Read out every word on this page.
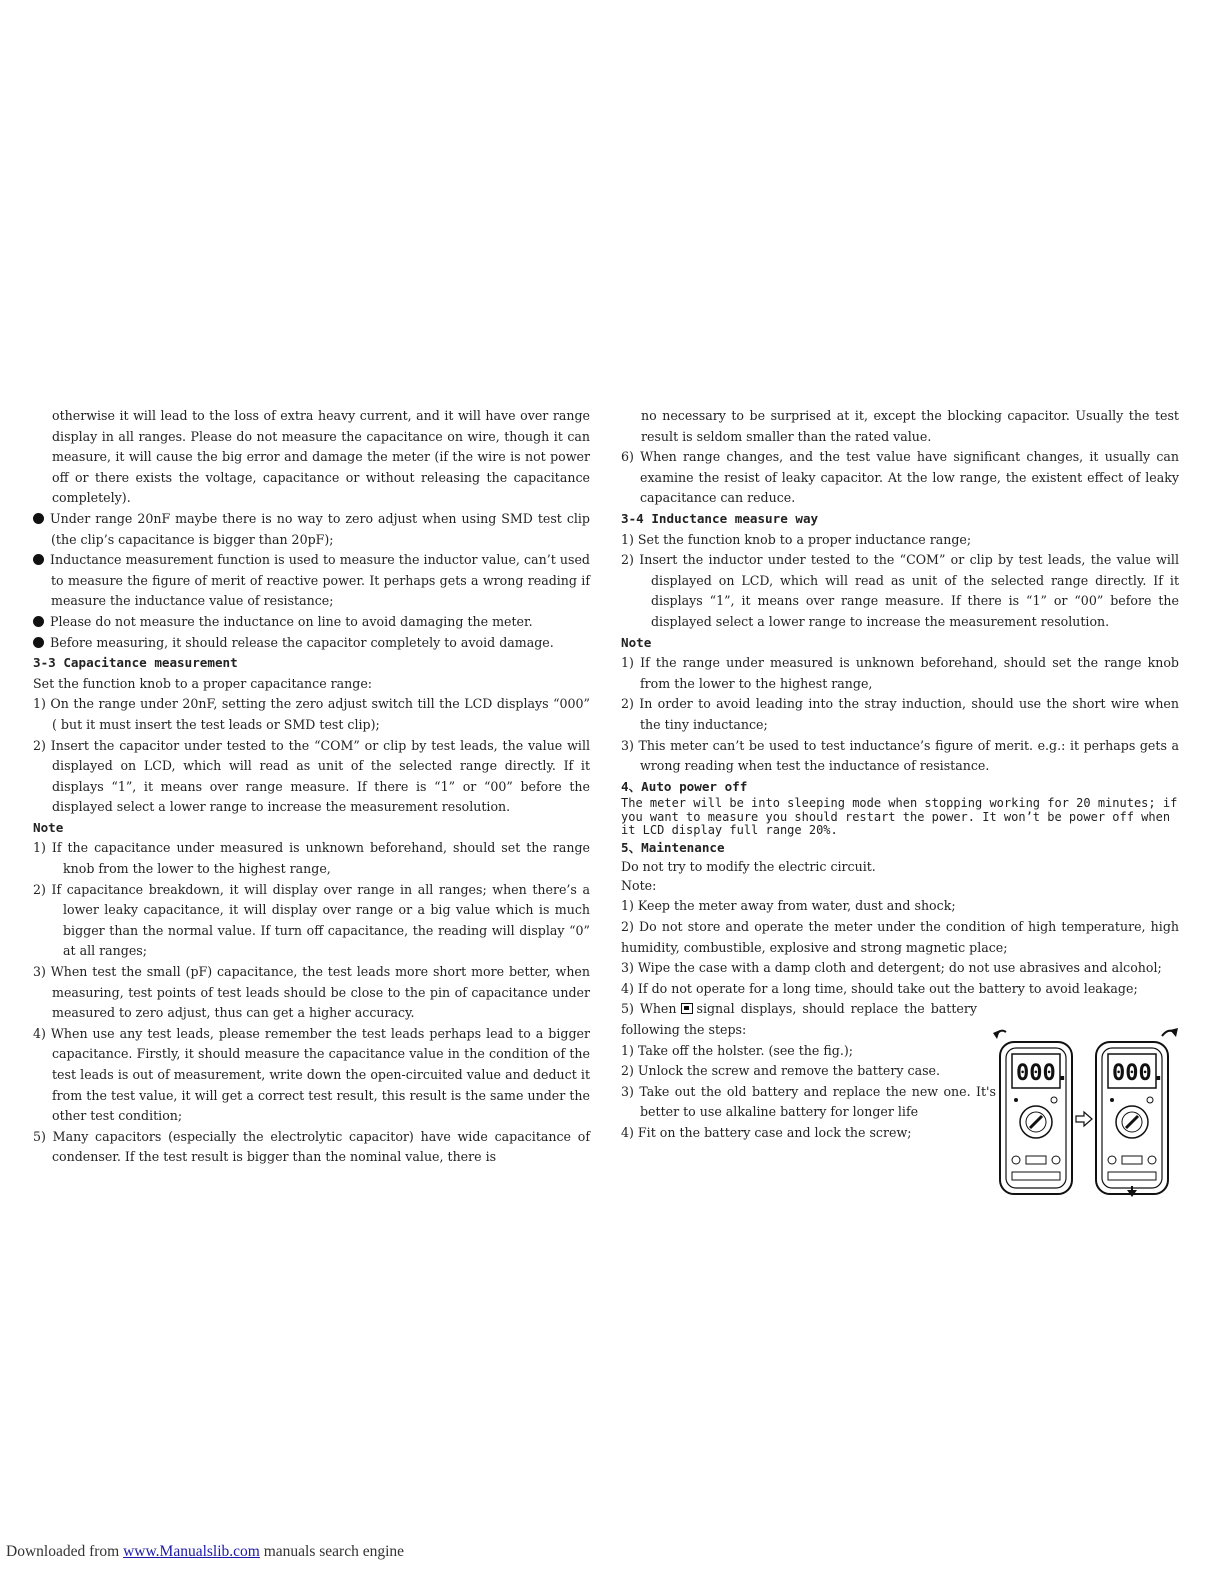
otherwise it will lead to the loss of extra heavy current, and it will have over range display in all ranges. Please do not measure the capacitance on wire, though it can measure, it will cause the big error and damage the meter (if the wire is not power off or there exists the voltage, capacitance or without releasing the capacitance completely).

Under range 20nF maybe there is no way to zero adjust when using SMD test clip (the clip’s capacitance is bigger than 20pF);

Inductance measurement function is used to measure the inductor value, can’t used to measure the figure of merit of reactive power. It perhaps gets a wrong reading if measure the inductance value of resistance;

Please do not measure the inductance on line to avoid damaging the meter.

Before measuring, it should release the capacitor completely to avoid damage.

3-3 Capacitance measurement

Set the function knob to a proper capacitance range:

1) On the range under 20nF, setting the zero adjust switch till the LCD displays “000” ( but it must insert the test leads or SMD test clip);

2) Insert the capacitor under tested to the “COM” or clip by test leads, the value will displayed on LCD, which will read as unit of the selected range directly. If it displays “1”, it means over range measure. If there is “1” or “00” before the displayed select a lower range to increase the measurement resolution.

Note

1) If the capacitance under measured is unknown beforehand, should set the range knob from the lower to the highest range,

2) If capacitance breakdown, it will display over range in all ranges; when there’s a lower leaky capacitance, it will display over range or a big value which is much bigger than the normal value. If turn off capacitance, the reading will display “0” at all ranges;

3) When test the small (pF) capacitance, the test leads more short more better, when measuring, test points of test leads should be close to the pin of capacitance under measured to zero adjust, thus can get a higher accuracy.

4) When use any test leads, please remember the test leads perhaps lead to a bigger capacitance. Firstly, it should measure the capacitance value in the condition of the test leads is out of measurement, write down the open-circuited value and deduct it from the test value, it will get a correct test result, this result is the same under the other test condition;

5) Many capacitors (especially the electrolytic capacitor) have wide capacitance of condenser. If the test result is bigger than the nominal value, there is

no necessary to be surprised at it, except the blocking capacitor. Usually the test result is seldom smaller than the rated value.

6) When range changes, and the test value have significant changes, it usually can examine the resist of leaky capacitor. At the low range, the existent effect of leaky capacitance can reduce.

3-4 Inductance measure way

1) Set the function knob to a proper inductance range;

2) Insert the inductor under tested to the “COM” or clip by test leads, the value will displayed on LCD, which will read as unit of the selected range directly. If it displays “1”, it means over range measure. If there is “1” or “00” before the displayed select a lower range to increase the measurement resolution.

Note

1) If the range under measured is unknown beforehand, should set the range knob from the lower to the highest range,

2) In order to avoid leading into the stray induction, should use the short wire when the tiny inductance;

3) This meter can’t be used to test inductance’s figure of merit. e.g.: it perhaps gets a wrong reading when test the inductance of resistance.

4、Auto power off

The meter will be into sleeping mode when stopping working for 20 minutes; if you want to measure you should restart the power. It won’t be power off when it LCD display full range 20%.

5、Maintenance

Do not try to modify the electric circuit.

Note:

1) Keep the meter away from water, dust and shock;

2) Do not store and operate the meter under the condition of high temperature, high humidity, combustible, explosive and strong magnetic place;

3) Wipe the case with a damp cloth and detergent; do not use abrasives and alcohol;

4) If do not operate for a long time, should take out the battery to avoid leakage;

5) When signal displays, should replace the battery following the steps:

1) Take off the holster. (see the fig.);

2) Unlock the screw and remove the battery case.

3) Take out the old battery and replace the new one. It's better to use alkaline battery for longer life

4) Fit on the battery case and lock the screw;

000. 000.
Downloaded from www.Manualslib.com manuals search engine
